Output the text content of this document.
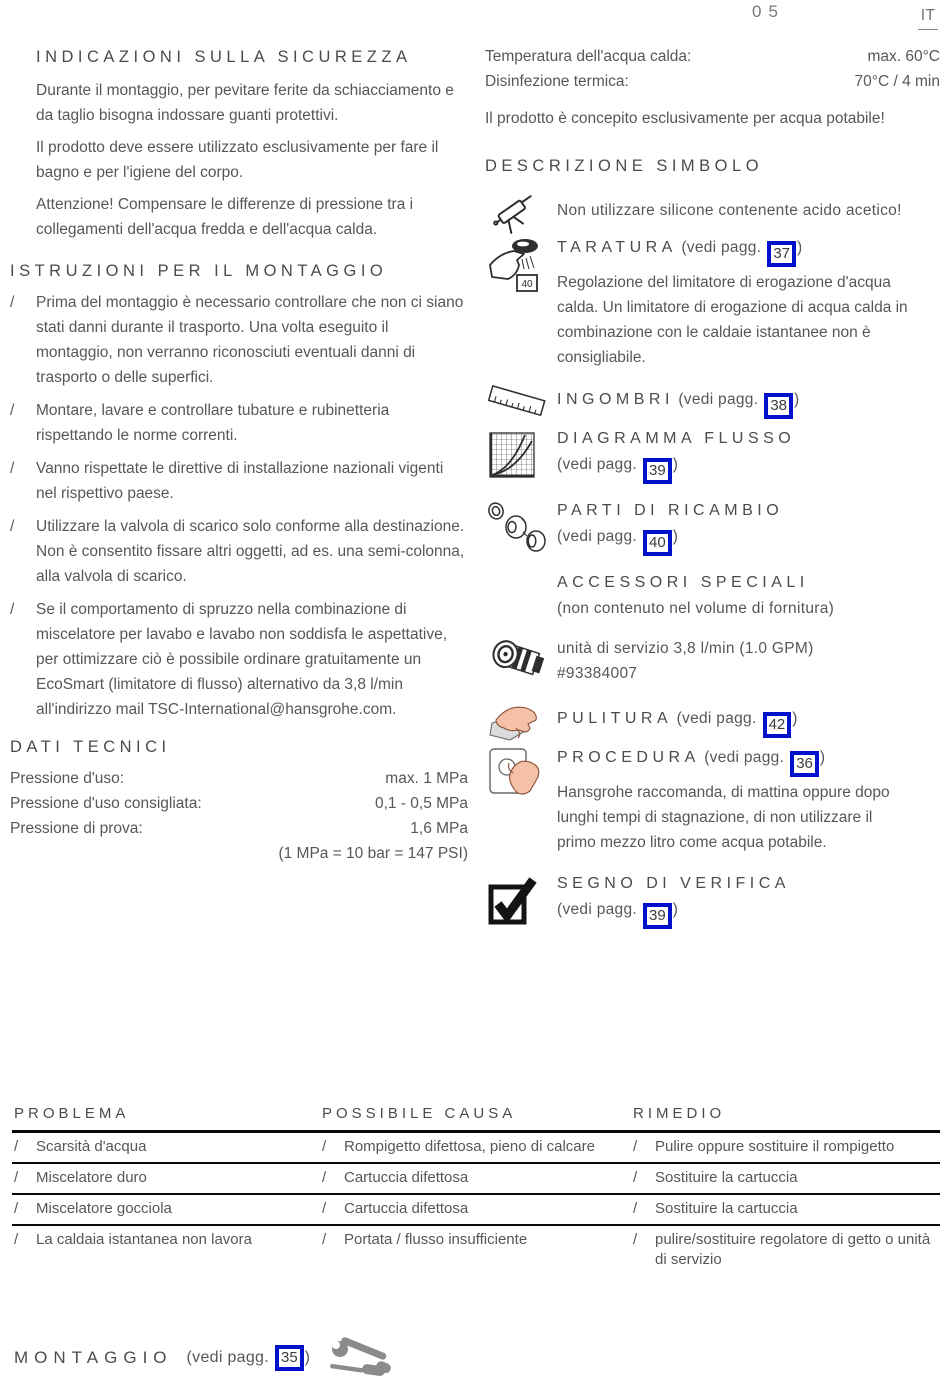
05	IT
INDICAZIONI SULLA SICUREZZA

Durante il montaggio, per pevitare ferite da schiacciamento e da taglio bisogna indossare guanti protettivi.

Il prodotto deve essere utilizzato esclusivamente per fare il bagno e per l'igiene del corpo.

Attenzione! Compensare le differenze di pressione tra i collegamenti dell'acqua fredda e dell'acqua calda.

ISTRUZIONI PER IL MONTAGGIO
/	Prima del montaggio è necessario controllare che non ci siano stati danni durante il trasporto. Una volta eseguito il montaggio, non verranno riconosciuti eventuali danni di trasporto o delle superfici.
/	Montare, lavare e controllare tubature e rubinetteria rispettando le norme correnti.
/	Vanno rispettate le direttive di installazione nazionali vigenti nel rispettivo paese.
/	Utilizzare la valvola di scarico solo conforme alla destinazione. Non è consentito fissare altri oggetti, ad es. una semi-colonna, alla valvola di scarico.
/	Se il comportamento di spruzzo nella combinazione di miscelatore per lavabo e lavabo non soddisfa le aspettative, per ottimizzare ciò è possibile ordinare gratuitamente un EcoSmart (limitatore di flusso) alternativo da 3,8 l/min all'indirizzo mail TSC-International@hansgrohe.com.
DATI TECNICI
Pressione d'uso:	max. 1 MPa
Pressione d'uso consigliata:	0,1 - 0,5 MPa
Pressione di prova:	1,6 MPa
(1 MPa = 10 bar = 147 PSI)
Temperatura dell'acqua calda:	max. 60°C
Disinfezione termica:	70°C / 4 min

Il prodotto è concepito esclusivamente per acqua potabile!

DESCRIZIONE SIMBOLO
Non utilizzare silicone contenente acido acetico!
40
TARATURA (vedi pagg. 37 )

Regolazione del limitatore di erogazione d'acqua calda. Un limitatore di erogazione di acqua calda in combinazione con le caldaie istantanee non è consigliabile.

INGOMBRI (vedi pagg. 38 )
DIAGRAMMA FLUSSO
(vedi pagg. 39 )
PARTI DI RICAMBIO
(vedi pagg. 40 )
ACCESSORI SPECIALI
(non contenuto nel volume di fornitura)
unità di servizio 3,8 l/min (1.0 GPM)
#93384007
PULITURA (vedi pagg. 42 )
PROCEDURA (vedi pagg. 36 )

Hansgrohe raccomanda, di mattina oppure dopo lunghi tempi di stagnazione, di non utilizzare il primo mezzo litro come acqua potabile.

SEGNO DI VERIFICA
(vedi pagg. 39 )
PROBLEMA	POSSIBILE CAUSA	RIMEDIO
/	Scarsità d'acqua	/	Rompigetto difettosa, pieno di calcare	/	Pulire oppure sostituire il rompigetto
/	Miscelatore duro	/	Cartuccia difettosa	/	Sostituire la cartuccia
/	Miscelatore gocciola	/	Cartuccia difettosa	/	Sostituire la cartuccia
/	La caldaia istantanea non lavora	/	Portata / flusso insufficiente	/	pulire/sostituire regolatore di getto o unità di servizio
MONTAGGIO (vedi pagg. 35 )
